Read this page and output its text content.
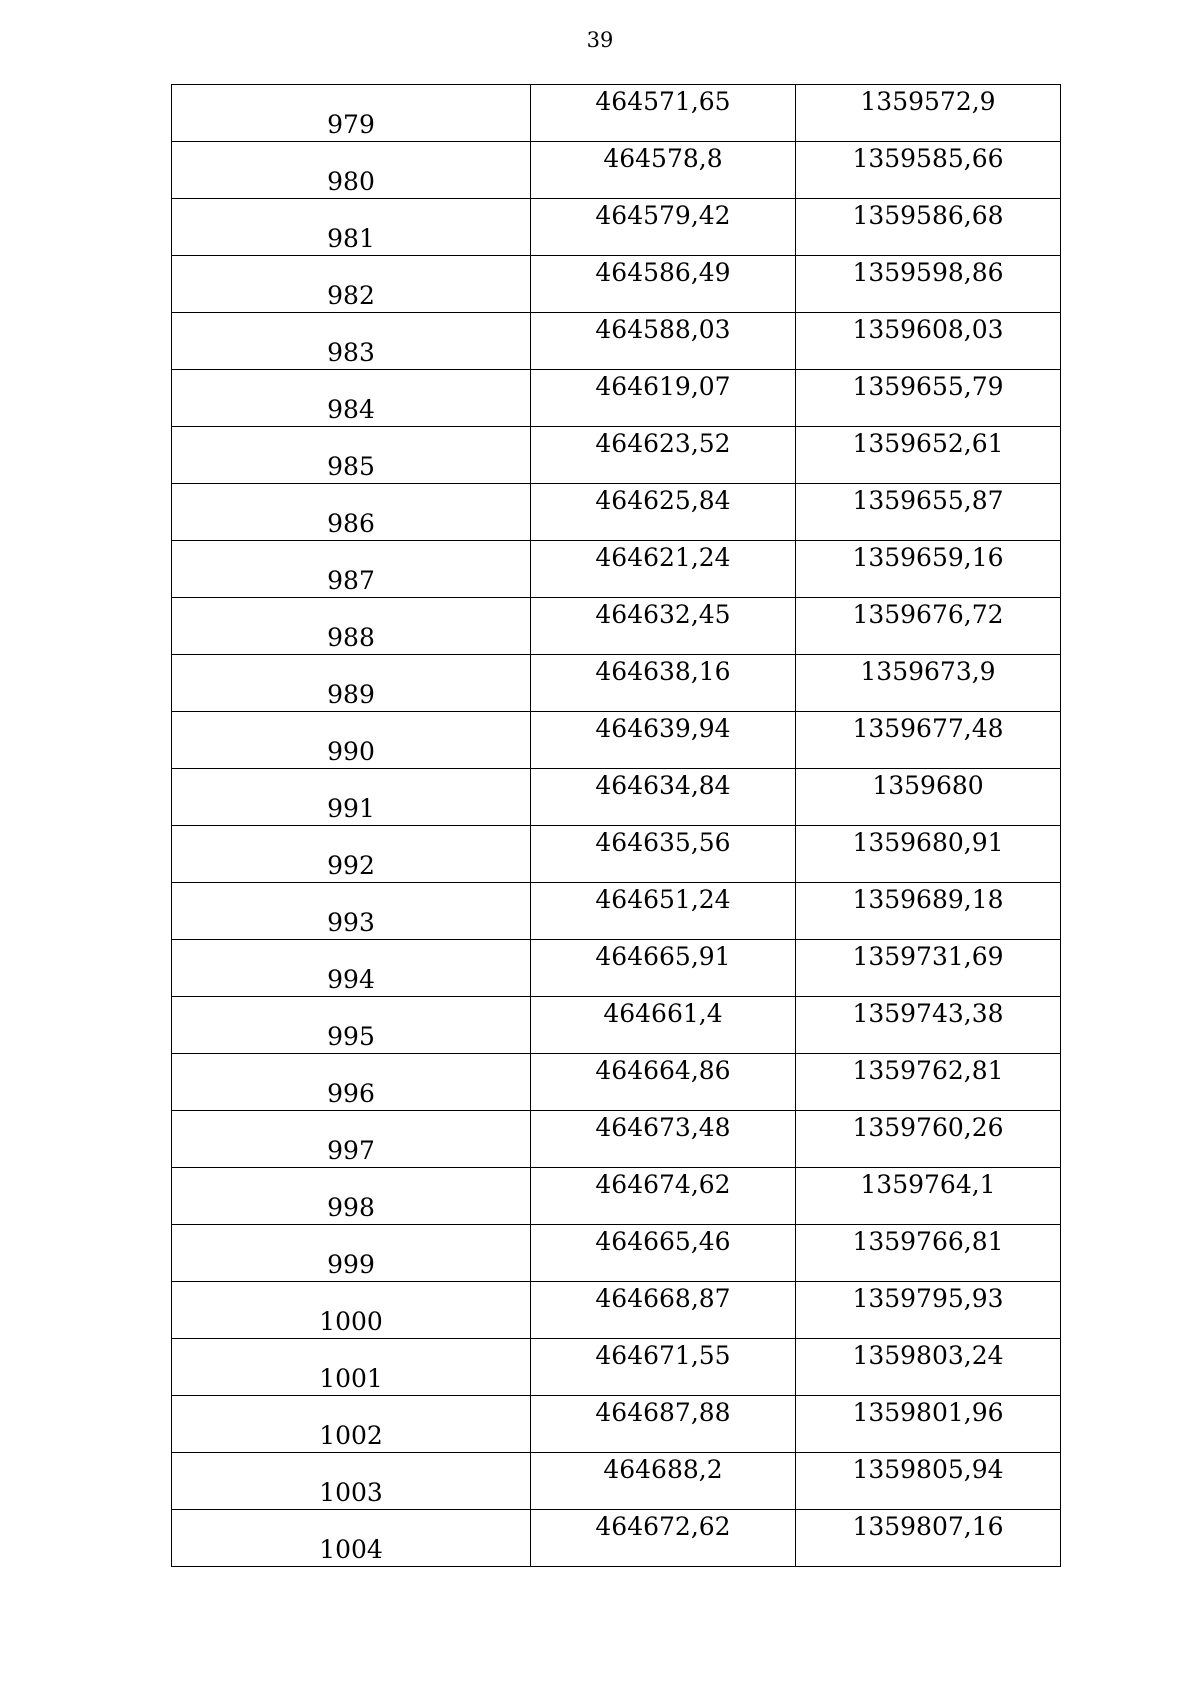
39
979	464571,65	1359572,9
980	464578,8	1359585,66
981	464579,42	1359586,68
982	464586,49	1359598,86
983	464588,03	1359608,03
984	464619,07	1359655,79
985	464623,52	1359652,61
986	464625,84	1359655,87
987	464621,24	1359659,16
988	464632,45	1359676,72
989	464638,16	1359673,9
990	464639,94	1359677,48
991	464634,84	1359680
992	464635,56	1359680,91
993	464651,24	1359689,18
994	464665,91	1359731,69
995	464661,4	1359743,38
996	464664,86	1359762,81
997	464673,48	1359760,26
998	464674,62	1359764,1
999	464665,46	1359766,81
1000	464668,87	1359795,93
1001	464671,55	1359803,24
1002	464687,88	1359801,96
1003	464688,2	1359805,94
1004	464672,62	1359807,16
